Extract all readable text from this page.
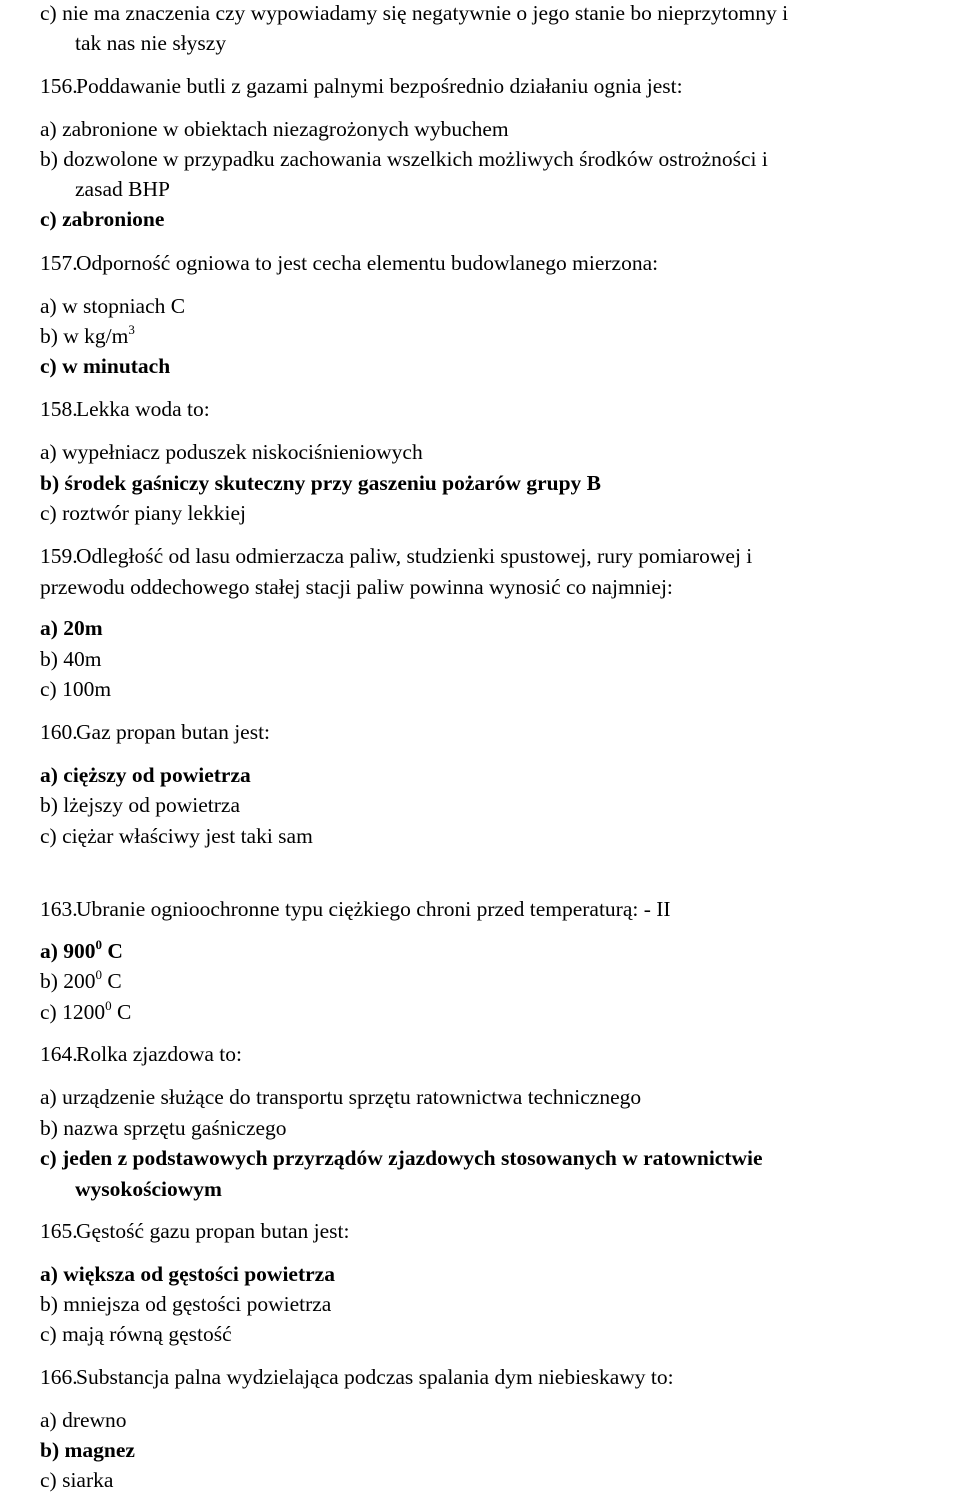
c) nie ma znaczenia czy wypowiadamy się negatywnie o jego stanie bo nieprzytomny i
tak nas nie słyszy
156.Poddawanie butli z gazami palnymi bezpośrednio działaniu ognia jest:
a) zabronione w obiektach niezagrożonych wybuchem
b) dozwolone w przypadku zachowania wszelkich możliwych środków ostrożności i
zasad BHP
c) zabronione
157.Odporność ogniowa to jest cecha elementu budowlanego mierzona:
a) w stopniach C
b) w $kg/m^3$
c) w minutach
158.Lekka woda to:
a) wypełniacz poduszek niskociśnieniowych
b) środek gaśniczy skuteczny przy gaszeniu pożarów grupy B
c) roztwór piany lekkiej
159.Odległość od lasu odmierzacza paliw, studzienki spustowej, rury pomiarowej i
przewodu oddechowego stałej stacji paliw powinna wynosić co najmniej:
a) 20m
b) 40m
c) 100m
160.Gaz propan butan jest:
a) cięższy od powietrza
b) lżejszy od powietrza
c) ciężar właściwy jest taki sam
163.Ubranie ognioochronne typu ciężkiego chroni przed temperaturą: - II
a) $900^0$ C
b) $200^0$ C
c) 1200$^0$ C
164.Rolka zjazdowa to:
a) urządzenie służące do transportu sprzętu ratownictwa technicznego
b) nazwa sprzętu gaśniczego
c) jeden z podstawowych przyrządów zjazdowych stosowanych w ratownictwie
wysokościowym
165.Gęstość gazu propan butan jest:
a) większa od gęstości powietrza
b) mniejsza od gęstości powietrza
c) mają równą gęstość
166.Substancja palna wydzielająca podczas spalania dym niebieskawy to:
a) drewno
b) magnez
c) siarka
